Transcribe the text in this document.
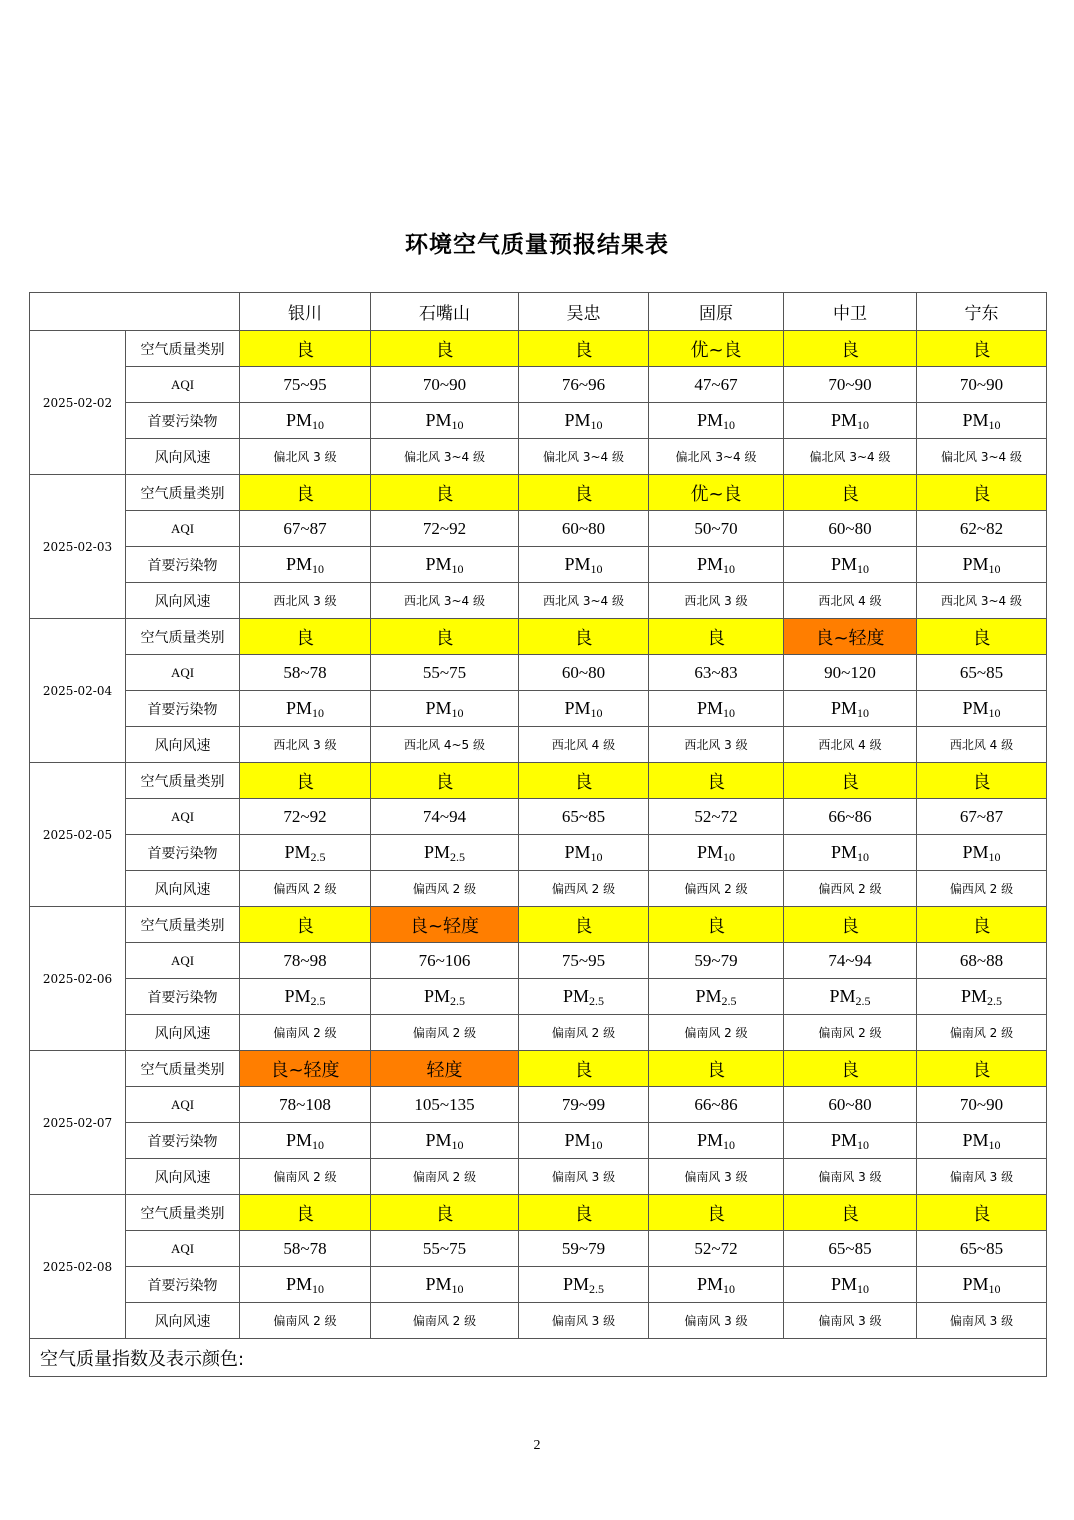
环境空气质量预报结果表
		银川	石嘴山	吴忠	固原	中卫	宁东
2025-02-02	空气质量类别	良	良	良	优~良	良	良
	AQI	75~95	70~90	76~96	47~67	70~90	70~90
	首要污染物	$PM_{10}$	$PM_{10}$	$PM_{10}$	$PM_{10}$	$PM_{10}$	$PM_{10}$
	风向风速	偏北风 3 级	偏北风 3~4 级	偏北风 3~4 级	偏北风 3~4 级	偏北风 3~4 级	偏北风 3~4 级
2025-02-03	空气质量类别	良	良	良	优~良	良	良
	AQI	67~87	72~92	60~80	50~70	60~80	62~82
	首要污染物	$PM_{10}$	$PM_{10}$	$PM_{10}$	$PM_{10}$	$PM_{10}$	$PM_{10}$
	风向风速	西北风 3 级	西北风 3~4 级	西北风 3~4 级	西北风 3 级	西北风 4 级	西北风 3~4 级
2025-02-04	空气质量类别	良	良	良	良	良~轻度	良
	AQI	58~78	55~75	60~80	63~83	90~120	65~85
	首要污染物	$PM_{10}$	$PM_{10}$	$PM_{10}$	$PM_{10}$	$PM_{10}$	$PM_{10}$
	风向风速	西北风 3 级	西北风 4~5 级	西北风 4 级	西北风 3 级	西北风 4 级	西北风 4 级
2025-02-05	空气质量类别	良	良	良	良	良	良
	AQI	72~92	74~94	65~85	52~72	66~86	67~87
	首要污染物	$PM_{2.5}$	$PM_{2.5}$	$PM_{10}$	$PM_{10}$	$PM_{10}$	$PM_{10}$
	风向风速	偏西风 2 级	偏西风 2 级	偏西风 2 级	偏西风 2 级	偏西风 2 级	偏西风 2 级
2025-02-06	空气质量类别	良	良~轻度	良	良	良	良
	AQI	78~98	76~106	75~95	59~79	74~94	68~88
	首要污染物	$PM_{2.5}$	$PM_{2.5}$	$PM_{2.5}$	$PM_{2.5}$	$PM_{2.5}$	$PM_{2.5}$
	风向风速	偏南风 2 级	偏南风 2 级	偏南风 2 级	偏南风 2 级	偏南风 2 级	偏南风 2 级
2025-02-07	空气质量类别	良~轻度	轻度	良	良	良	良
	AQI	78~108	105~135	79~99	66~86	60~80	70~90
	首要污染物	$PM_{10}$	$PM_{10}$	$PM_{10}$	$PM_{10}$	$PM_{10}$	$PM_{10}$
	风向风速	偏南风 2 级	偏南风 2 级	偏南风 3 级	偏南风 3 级	偏南风 3 级	偏南风 3 级
2025-02-08	空气质量类别	良	良	良	良	良	良
	AQI	58~78	55~75	59~79	52~72	65~85	65~85
	首要污染物	$PM_{10}$	$PM_{10}$	$PM_{2.5}$	$PM_{10}$	$PM_{10}$	$PM_{10}$
	风向风速	偏南风 2 级	偏南风 2 级	偏南风 3 级	偏南风 3 级	偏南风 3 级	偏南风 3 级
空气质量指数及表示颜色:							
2
